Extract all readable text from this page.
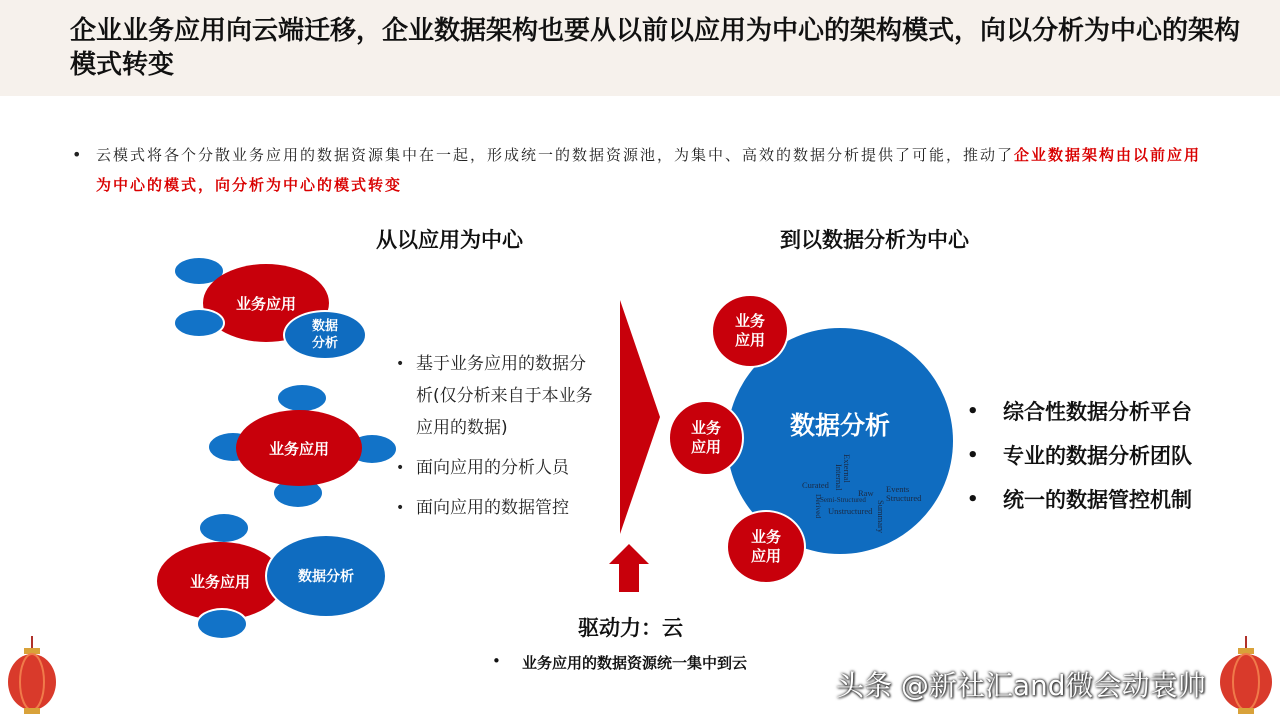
企业业务应用向云端迁移，企业数据架构也要从以前以应用为中心的架构模式，向以分析为中心的架构模式转变
• 云模式将各个分散业务应用的数据资源集中在一起，形成统一的数据资源池，为集中、高效的数据分析提供了可能，推动了企业数据架构由以前应用为中心的模式，向分析为中心的模式转变
从以应用为中心	到以数据分析为中心
业务应用
数据
分析
业务应用
业务应用	数据分析
• 基于业务应用的数据分析(仅分析来自于本业务应用的数据)
• 面向应用的分析人员
• 面向应用的数据管控
数据分析
Curated
External
Raw Events
Structured
Unstructured
Internal
Summary
Semi-Structured
Derived
业务
应用
业务
应用
业务
应用
• 综合性数据分析平台
• 专业的数据分析团队
• 统一的数据管控机制
驱动力：云
• 业务应用的数据资源统一集中到云
头条 @新社汇and微会动袁帅
